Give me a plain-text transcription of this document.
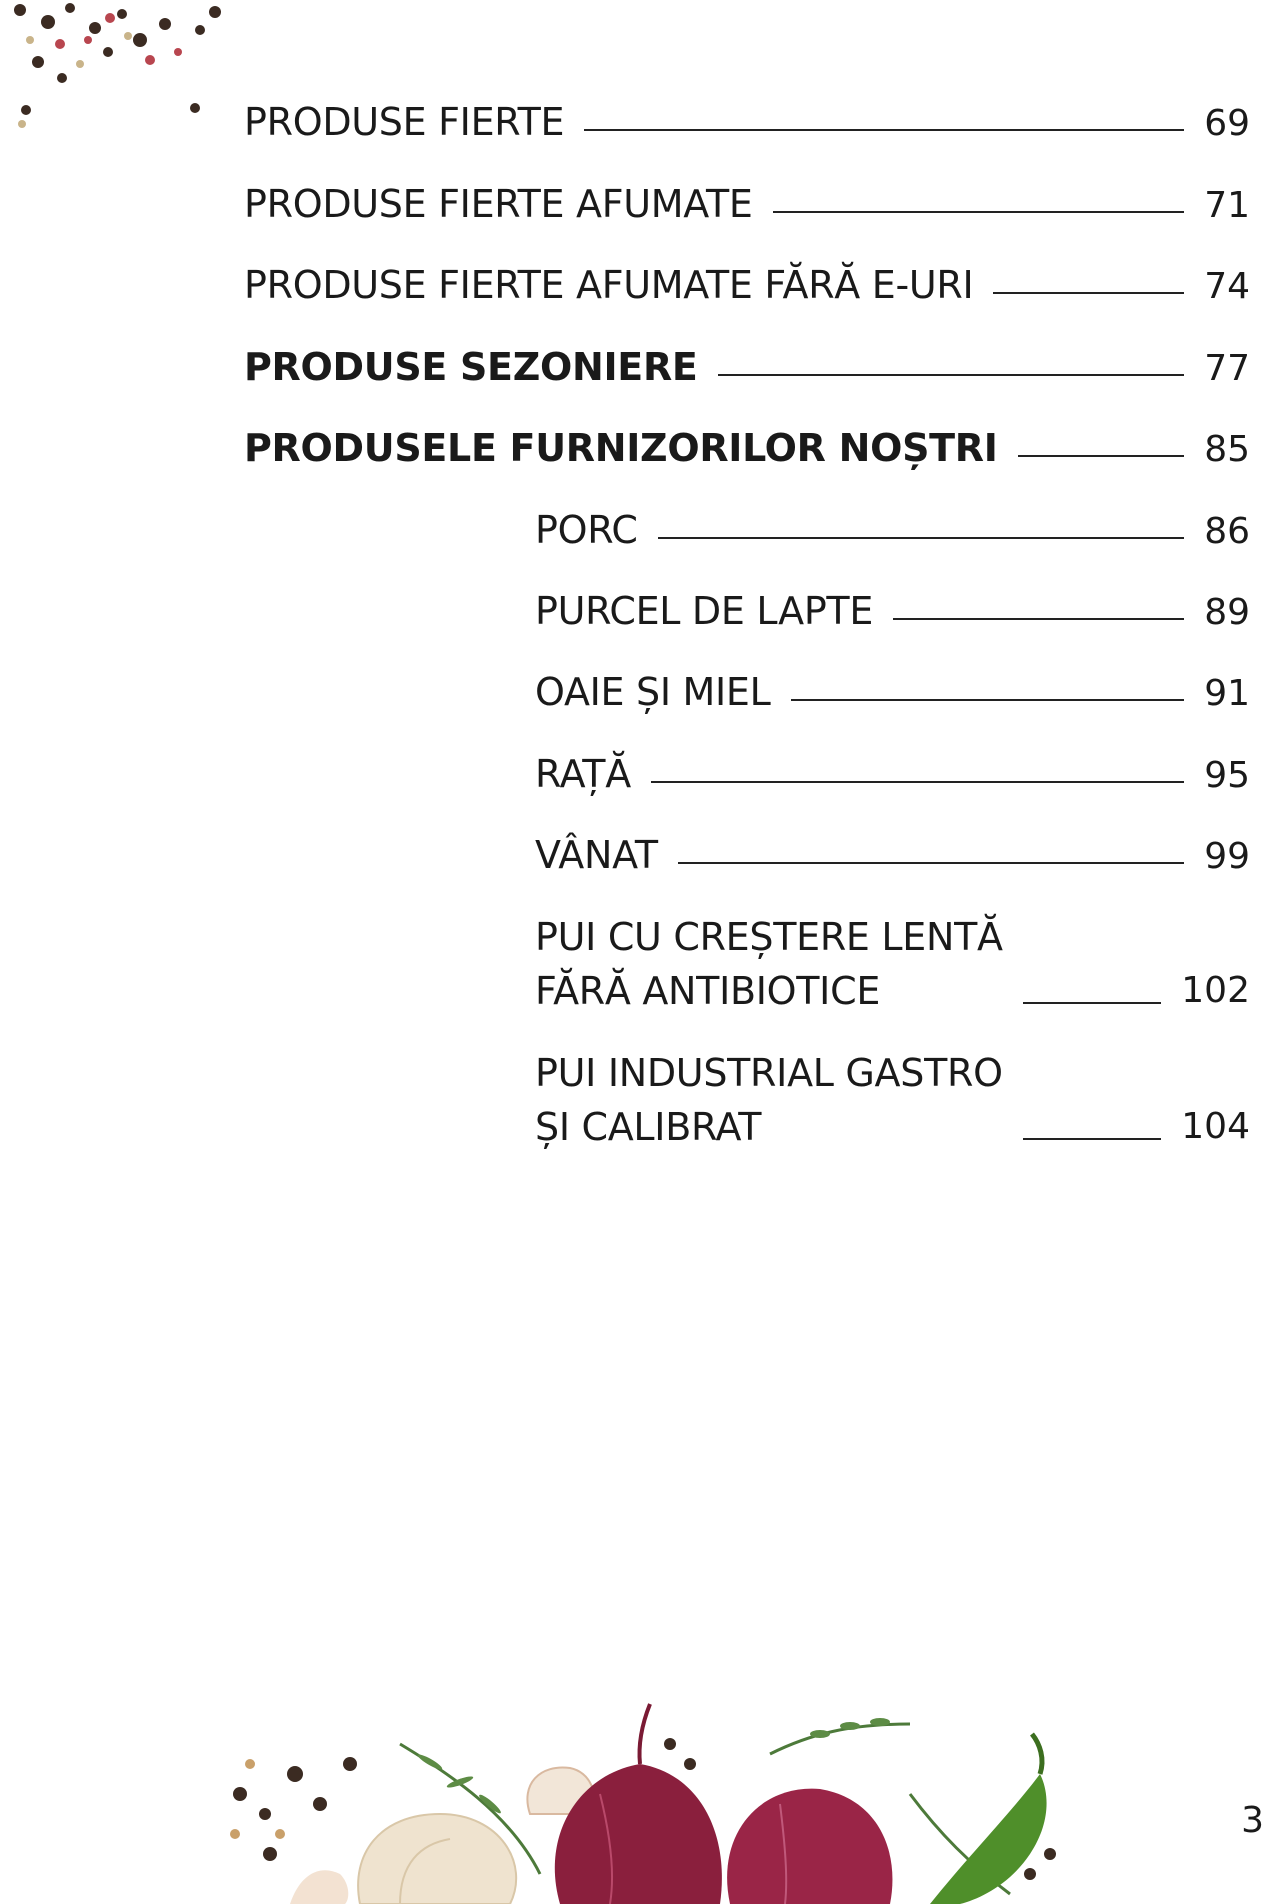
PRODUSE FIERTE	69
PRODUSE FIERTE AFUMATE	71
PRODUSE FIERTE AFUMATE FĂRĂ E-URI	74
PRODUSE SEZONIERE	77
PRODUSELE FURNIZORILOR NOȘTRI	85
PORC	86
PURCEL DE LAPTE	89
OAIE ȘI MIEL	91
RAȚĂ	95
VÂNAT	99
PUI CU CREȘTERE LENTĂ
FĂRĂ ANTIBIOTICE	102
PUI INDUSTRIAL GASTRO
ȘI CALIBRAT	104
3
